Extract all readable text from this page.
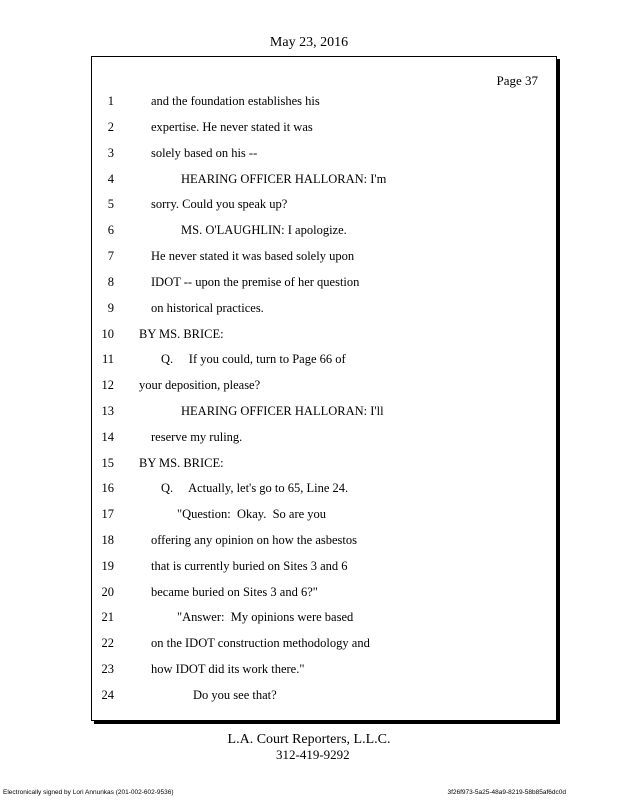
May 23, 2016
Page 37
1	and the foundation establishes his
2	expertise. He never stated it was
3	solely based on his --
4	HEARING OFFICER HALLORAN: I'm
5	sorry. Could you speak up?
6	MS. O'LAUGHLIN: I apologize.
7	He never stated it was based solely upon
8	IDOT -- upon the premise of her question
9	on historical practices.
10 BY MS. BRICE:
11	Q.     If you could, turn to Page 66 of
12 your deposition, please?
13	HEARING OFFICER HALLORAN: I'll
14	reserve my ruling.
15 BY MS. BRICE:
16	Q.     Actually, let's go to 65, Line 24.
17	"Question:  Okay.  So are you
18	offering any opinion on how the asbestos
19	that is currently buried on Sites 3 and 6
20	became buried on Sites 3 and 6?"
21	"Answer:  My opinions were based
22	on the IDOT construction methodology and
23	how IDOT did its work there."
24	Do you see that?
L.A. Court Reporters, L.L.C.
312-419-9292
Electronically signed by Lori Annunkas (201-002-602-9536)	3f26f973-5a25-48a9-8219-58b85af6dc0d
